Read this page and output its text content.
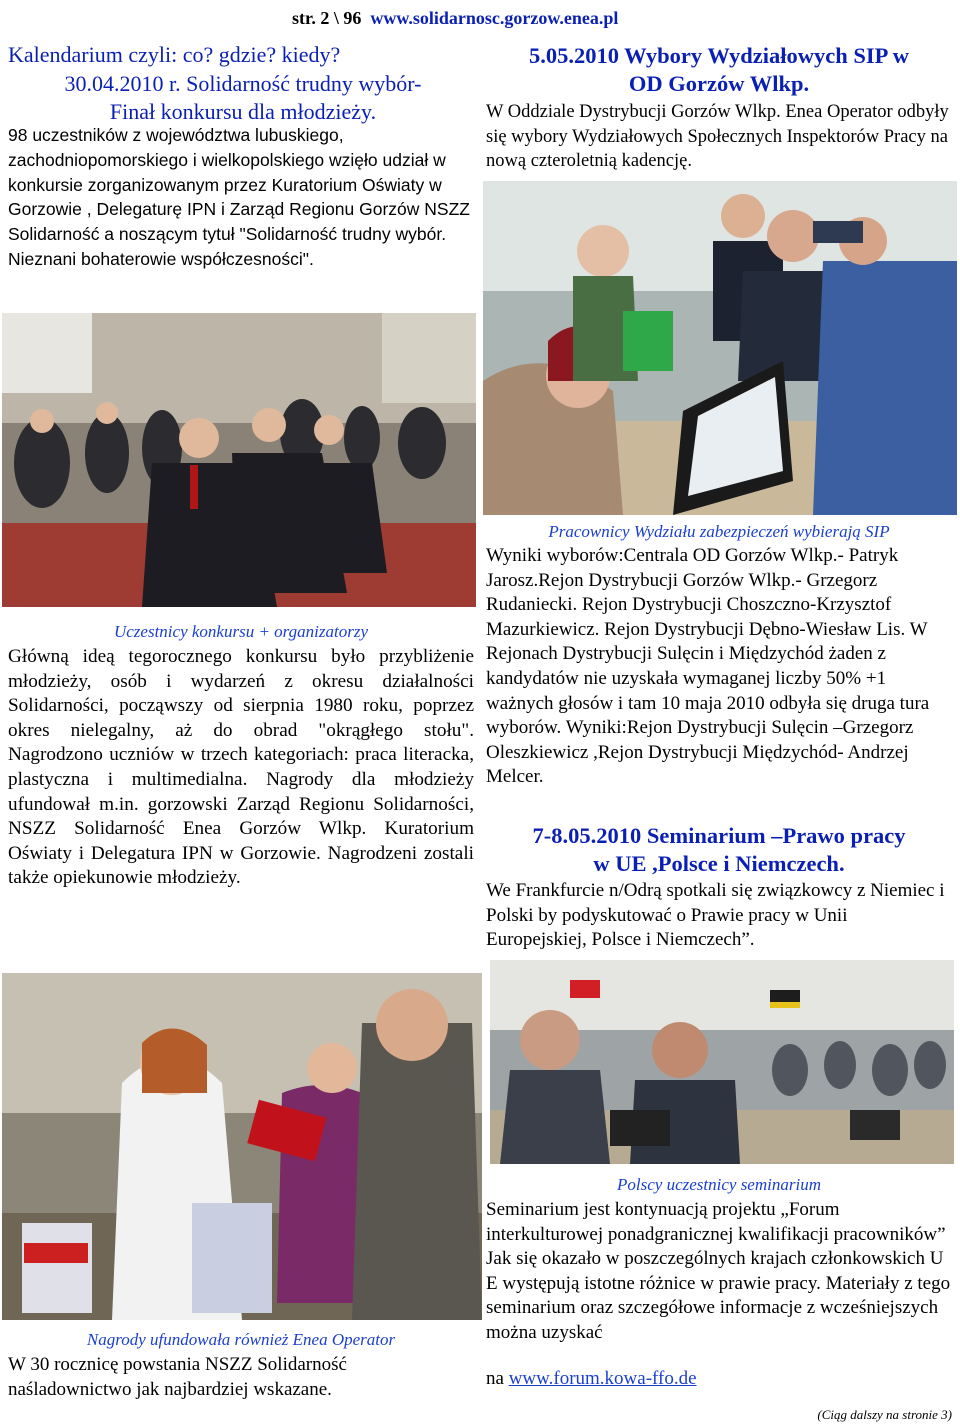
str. 2 \ 96 www.solidarnosc.gorzow.enea.pl
Kalendarium czyli: co? gdzie? kiedy?
30.04.2010 r. Solidarność trudny wybór-
Finał konkursu dla młodzieży.

98 uczestników z województwa lubuskiego, zachodniopomorskiego i wielkopolskiego wzięło udział w konkursie zorganizowanym przez Kuratorium Oświaty w Gorzowie , Delegaturę IPN i Zarząd Regionu Gorzów NSZZ Solidarność a noszącym tytuł "Solidarność trudny wybór. Nieznani bohaterowie współczesności".

Uczestnicy konkursu + organizatorzy

Główną ideą tegorocznego konkursu było przybliżenie młodzieży, osób i wydarzeń z okresu działalności Solidarności, począwszy od sierpnia 1980 roku, poprzez okres nielegalny, aż do obrad "okrągłego stołu". Nagrodzono uczniów w trzech kategoriach: praca literacka, plastyczna i multimedialna. Nagrody dla młodzieży ufundował m.in. gorzowski Zarząd Regionu Solidarności, NSZZ Solidarność Enea Gorzów Wlkp. Kuratorium Oświaty i Delegatura IPN w Gorzowie. Nagrodzeni zostali także opiekunowie młodzieży.

Nagrody ufundowała również Enea Operator

W 30 rocznicę powstania NSZZ Solidarność naśladownictwo jak najbardziej wskazane.

5.05.2010 Wybory Wydziałowych SIP w
OD Gorzów Wlkp.

W Oddziale Dystrybucji Gorzów Wlkp. Enea Operator odbyły się wybory Wydziałowych Społecznych Inspektorów Pracy na nową czteroletnią kadencję.

Pracownicy Wydziału zabezpieczeń wybierają SIP

Wyniki wyborów:Centrala OD Gorzów Wlkp.- Patryk Jarosz.Rejon Dystrybucji Gorzów Wlkp.- Grzegorz Rudaniecki. Rejon Dystrybucji Choszczno-Krzysztof Mazurkiewicz. Rejon Dystrybucji Dębno-Wiesław Lis. W Rejonach Dystrybucji Sulęcin i Międzychód żaden z kandydatów nie uzyskała wymaganej liczby 50% +1 ważnych głosów i tam 10 maja 2010 odbyła się druga tura wyborów. Wyniki:Rejon Dystrybucji Sulęcin –Grzegorz Oleszkiewicz ,Rejon Dystrybucji Międzychód- Andrzej Melcer.

7-8.05.2010 Seminarium –Prawo pracy
w UE ,Polsce i Niemczech.

We Frankfurcie n/Odrą spotkali się związkowcy z Niemiec i Polski by podyskutować o Prawie pracy w Unii Europejskiej, Polsce i Niemczech”.

Polscy uczestnicy seminarium

Seminarium jest kontynuacją projektu „Forum interkulturowej ponadgranicznej kwalifikacji pracowników” Jak się okazało w poszczególnych krajach członkowskich U E występują istotne różnice w prawie pracy. Materiały z tego seminarium oraz szczegółowe informacje z wcześniejszych można uzyskać

na www.forum.kowa-ffo.de
(Ciąg dalszy na stronie 3)
